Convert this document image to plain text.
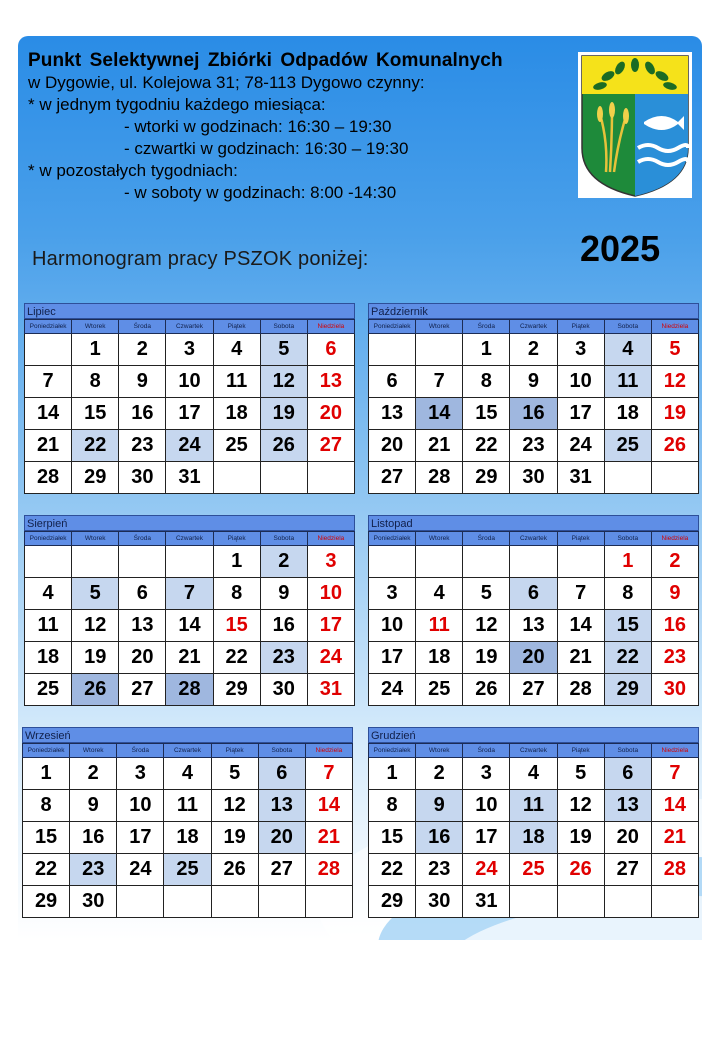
Punkt Selektywnej Zbiórki Odpadów Komunalnych

w Dygowie, ul. Kolejowa 31; 78-113 Dygowo czynny:
* w jednym tygodniu każdego miesiąca:
- wtorki w godzinach: 16:30 – 19:30
- czwartki w godzinach: 16:30 – 19:30
* w pozostałych tygodniach:
- w soboty w godzinach: 8:00 -14:30
2025
Harmonogram pracy PSZOK poniżej:
Lipiec
Poniedziałek	Wtorek	Środa	Czwartek	Piątek	Sobota	Niedziela
	1	2	3	4	5	6
7	8	9	10	11	12	13
14	15	16	17	18	19	20
21	22	23	24	25	26	27
28	29	30	31			
Październik
Poniedziałek	Wtorek	Środa	Czwartek	Piątek	Sobota	Niedziela
		1	2	3	4	5
6	7	8	9	10	11	12
13	14	15	16	17	18	19
20	21	22	23	24	25	26
27	28	29	30	31		
Sierpień
Poniedziałek	Wtorek	Środa	Czwartek	Piątek	Sobota	Niedziela
				1	2	3
4	5	6	7	8	9	10
11	12	13	14	15	16	17
18	19	20	21	22	23	24
25	26	27	28	29	30	31
Listopad
Poniedziałek	Wtorek	Środa	Czwartek	Piątek	Sobota	Niedziela
					1	2
3	4	5	6	7	8	9
10	11	12	13	14	15	16
17	18	19	20	21	22	23
24	25	26	27	28	29	30
Wrzesień
Poniedziałek	Wtorek	Środa	Czwartek	Piątek	Sobota	Niedziela
1	2	3	4	5	6	7
8	9	10	11	12	13	14
15	16	17	18	19	20	21
22	23	24	25	26	27	28
29	30					
Grudzień
Poniedziałek	Wtorek	Środa	Czwartek	Piątek	Sobota	Niedziela
1	2	3	4	5	6	7
8	9	10	11	12	13	14
15	16	17	18	19	20	21
22	23	24	25	26	27	28
29	30	31				
